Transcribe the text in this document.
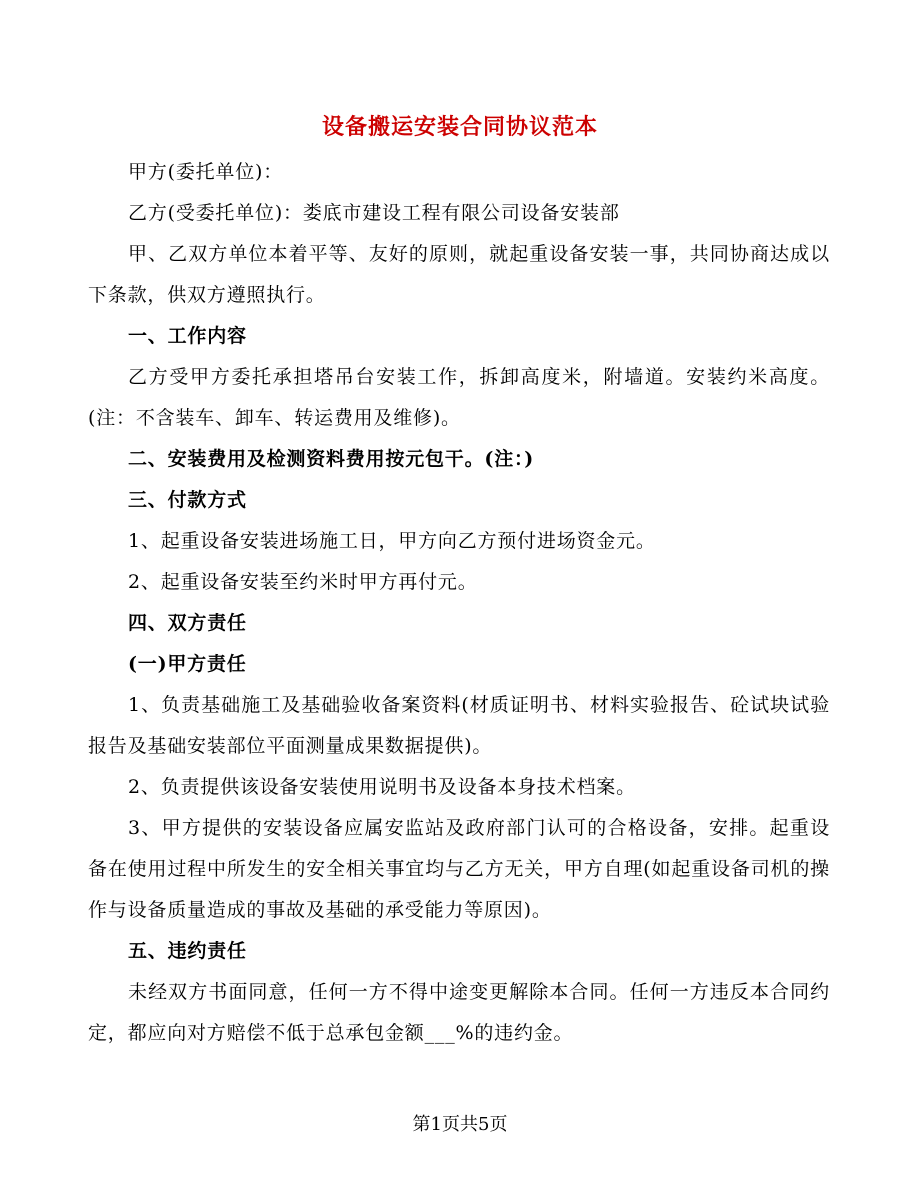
设备搬运安装合同协议范本

甲方(委托单位)：

乙方(受委托单位)：娄底市建设工程有限公司设备安装部

甲、乙双方单位本着平等、友好的原则，就起重设备安装一事，共同协商达成以下条款，供双方遵照执行。

一、工作内容

乙方受甲方委托承担塔吊台安装工作，拆卸高度米，附墙道。安装约米高度。(注：不含装车、卸车、转运费用及维修)。

二、安装费用及检测资料费用按元包干。(注：)

三、付款方式

1、起重设备安装进场施工日，甲方向乙方预付进场资金元。

2、起重设备安装至约米时甲方再付元。

四、双方责任

(一)甲方责任

1、负责基础施工及基础验收备案资料(材质证明书、材料实验报告、砼试块试验报告及基础安装部位平面测量成果数据提供)。

2、负责提供该设备安装使用说明书及设备本身技术档案。

3、甲方提供的安装设备应属安监站及政府部门认可的合格设备，安排。起重设备在使用过程中所发生的安全相关事宜均与乙方无关，甲方自理(如起重设备司机的操作与设备质量造成的事故及基础的承受能力等原因)。

五、违约责任

未经双方书面同意，任何一方不得中途变更解除本合同。任何一方违反本合同约定，都应向对方赔偿不低于总承包金额___%的违约金。

第1页共5页
